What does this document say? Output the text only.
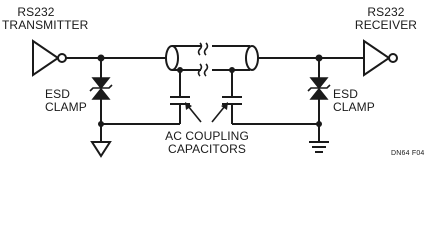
RS232
TRANSMITTER
RS232
RECEIVER
ESD
CLAMP
ESD
CLAMP
AC COUPLING
CAPACITORS	DN64 F04
